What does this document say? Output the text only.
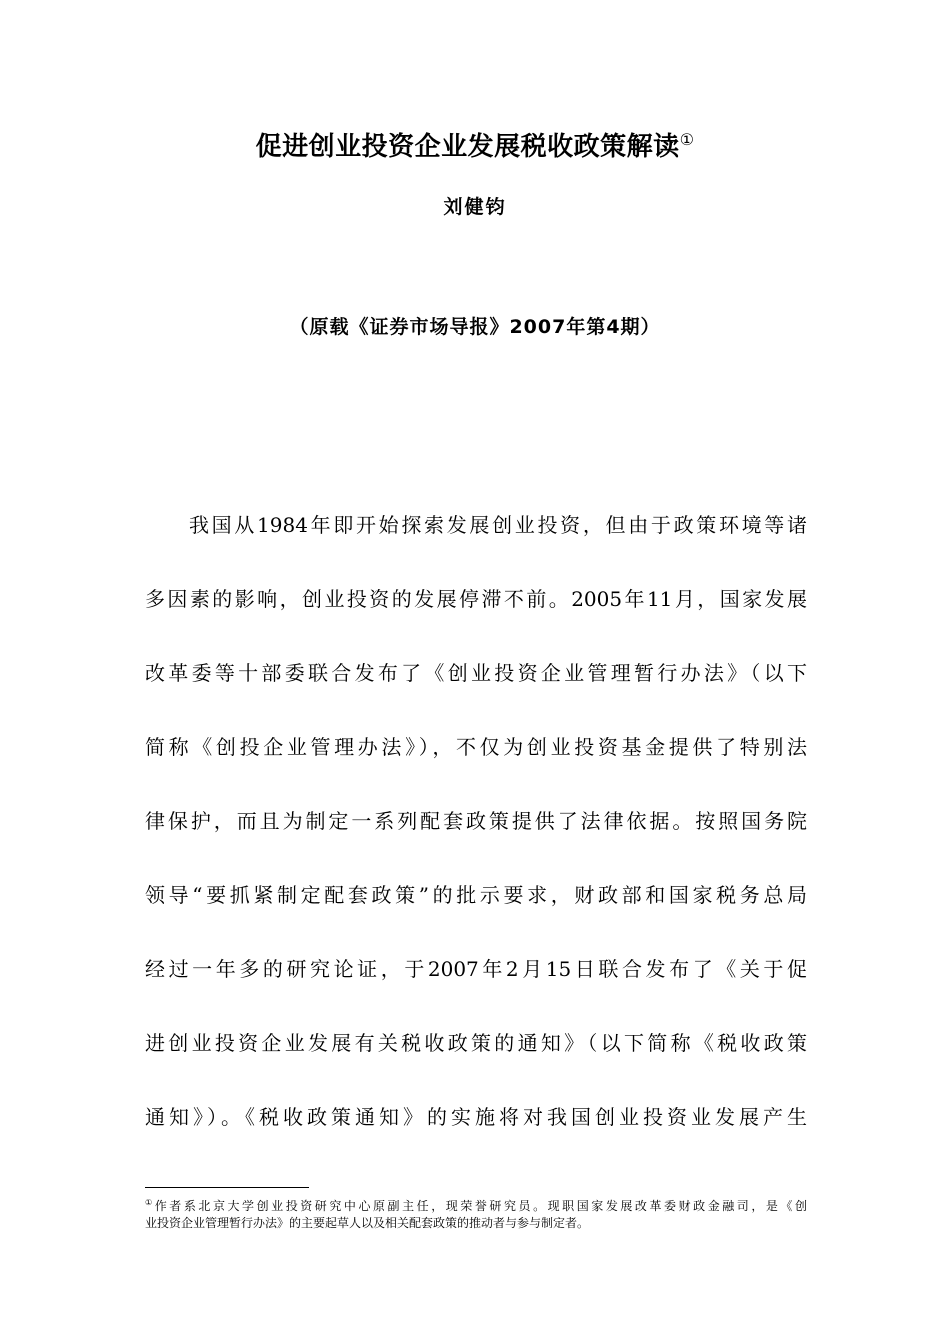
促进创业投资企业发展税收政策解读①
刘健钧
（原载《证券市场导报》2007年第4期）
我国从1984年即开始探索发展创业投资，但由于政策环境等诸
多因素的影响，创业投资的发展停滞不前。2005年11月，国家发展
改革委等十部委联合发布了《创业投资企业管理暂行办法》（以下
简称《创投企业管理办法》），不仅为创业投资基金提供了特别法
律保护，而且为制定一系列配套政策提供了法律依据。按照国务院
领导“要抓紧制定配套政策”的批示要求，财政部和国家税务总局
经过一年多的研究论证，于2007年2月15日联合发布了《关于促
进创业投资企业发展有关税收政策的通知》（以下简称《税收政策
通知》）。《税收政策通知》的实施将对我国创业投资业发展产生
①作者系北京大学创业投资研究中心原副主任，现荣誉研究员。现职国家发展改革委财政金融司，是《创
业投资企业管理暂行办法》的主要起草人以及相关配套政策的推动者与参与制定者。
